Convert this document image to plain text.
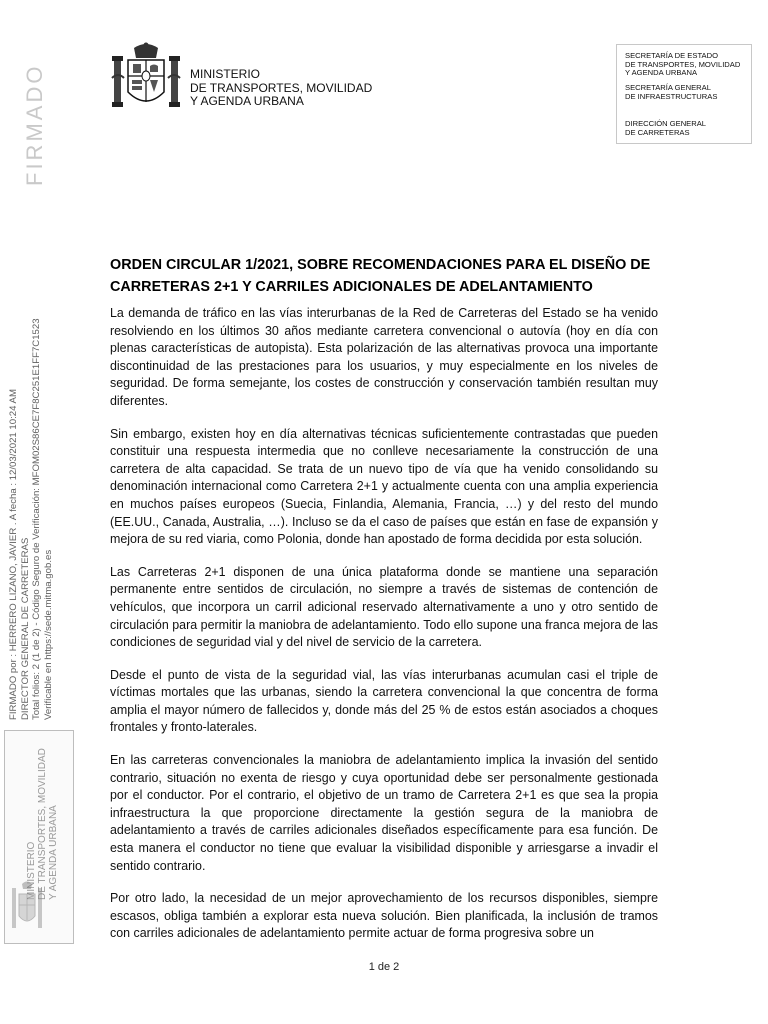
FIRMADO
FIRMADO por : HERRERO LIZANO, JAVIER . A fecha : 12/03/2021 10:24 AM DIRECTOR GENERAL DE CARRETERAS Total folios: 2 (1 de 2) - Código Seguro de Verificación: MFOM02S86CE7F8C251E1FF7C1523 Verificable en https://sede.mitma.gob.es
MINISTERIO DE TRANSPORTES, MOVILIDAD Y AGENDA URBANA
MINISTERIO
DE TRANSPORTES, MOVILIDAD
Y AGENDA URBANA
SECRETARÍA DE ESTADO
DE TRANSPORTES, MOVILIDAD
Y AGENDA URBANA
SECRETARÍA GENERAL
DE INFRAESTRUCTURAS
DIRECCIÓN GENERAL
DE CARRETERAS
ORDEN CIRCULAR 1/2021, SOBRE RECOMENDACIONES PARA EL DISEÑO DE CARRETERAS 2+1 Y CARRILES ADICIONALES DE ADELANTAMIENTO

La demanda de tráfico en las vías interurbanas de la Red de Carreteras del Estado se ha venido resolviendo en los últimos 30 años mediante carretera convencional o autovía (hoy en día con plenas características de autopista). Esta polarización de las alternativas provoca una importante discontinuidad de las prestaciones para los usuarios, y muy especialmente en los niveles de seguridad. De forma semejante, los costes de construcción y conservación también resultan muy diferentes.

Sin embargo, existen hoy en día alternativas técnicas suficientemente contrastadas que pueden constituir una respuesta intermedia que no conlleve necesariamente la construcción de una carretera de alta capacidad. Se trata de un nuevo tipo de vía que ha venido consolidando su denominación internacional como Carretera 2+1 y actualmente cuenta con una amplia experiencia en muchos países europeos (Suecia, Finlandia, Alemania, Francia, …) y del resto del mundo (EE.UU., Canada, Australia, …). Incluso se da el caso de países que están en fase de expansión y mejora de su red viaria, como Polonia, donde han apostado de forma decidida por esta solución.

Las Carreteras 2+1 disponen de una única plataforma donde se mantiene una separación permanente entre sentidos de circulación, no siempre a través de sistemas de contención de vehículos, que incorpora un carril adicional reservado alternativamente a uno y otro sentido de circulación para permitir la maniobra de adelantamiento. Todo ello supone una franca mejora de las condiciones de seguridad vial y del nivel de servicio de la carretera.

Desde el punto de vista de la seguridad vial, las vías interurbanas acumulan casi el triple de víctimas mortales que las urbanas, siendo la carretera convencional la que concentra de forma amplia el mayor número de fallecidos y, donde más del 25 % de estos están asociados a choques frontales y fronto-laterales.

En las carreteras convencionales la maniobra de adelantamiento implica la invasión del sentido contrario, situación no exenta de riesgo y cuya oportunidad debe ser personalmente gestionada por el conductor. Por el contrario, el objetivo de un tramo de Carretera 2+1 es que sea la propia infraestructura la que proporcione directamente la gestión segura de la maniobra de adelantamiento a través de carriles adicionales diseñados específicamente para esa función. De esta manera el conductor no tiene que evaluar la visibilidad disponible y arriesgarse a invadir el sentido contrario.

Por otro lado, la necesidad de un mejor aprovechamiento de los recursos disponibles, siempre escasos, obliga también a explorar esta nueva solución. Bien planificada, la inclusión de tramos con carriles adicionales de adelantamiento permite actuar de forma progresiva sobre un

1 de 2
